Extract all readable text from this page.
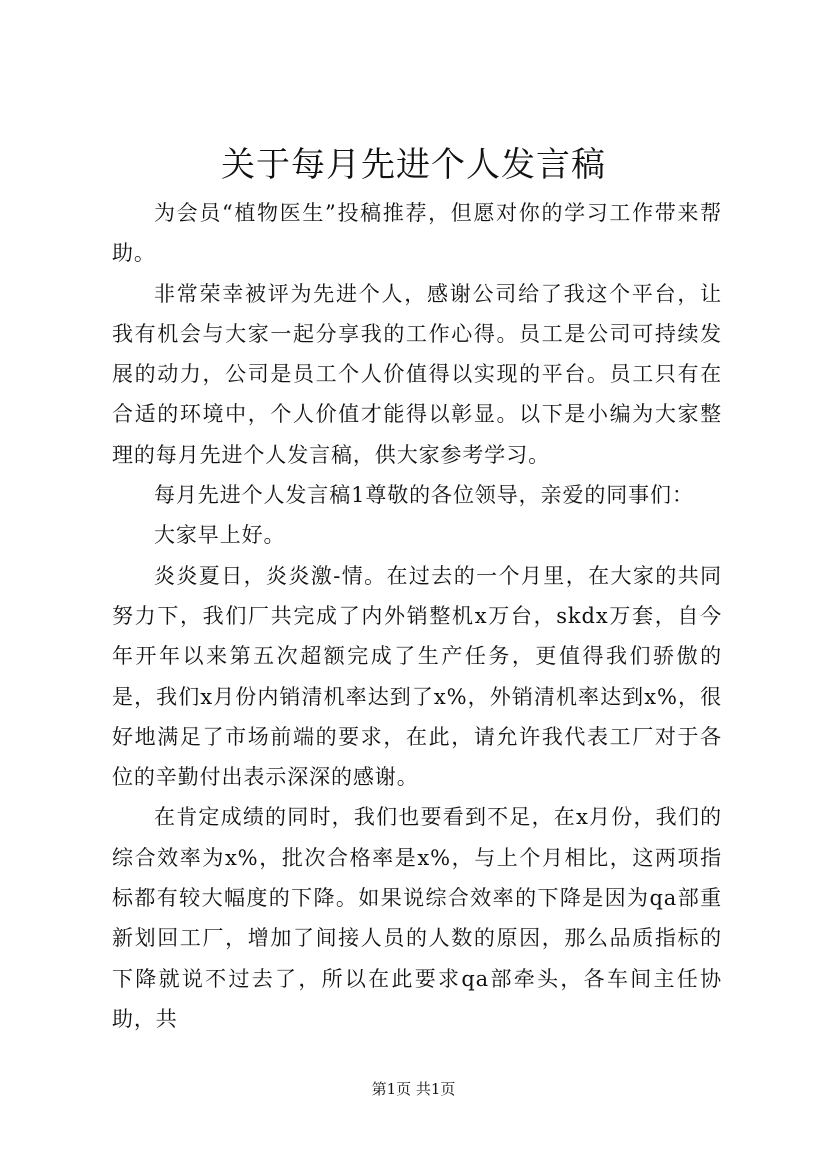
关于每月先进个人发言稿

为会员“植物医生”投稿推荐，但愿对你的学习工作带来帮助。

非常荣幸被评为先进个人，感谢公司给了我这个平台，让我有机会与大家一起分享我的工作心得。员工是公司可持续发展的动力，公司是员工个人价值得以实现的平台。员工只有在合适的环境中，个人价值才能得以彰显。以下是小编为大家整理的每月先进个人发言稿，供大家参考学习。

每月先进个人发言稿1尊敬的各位领导，亲爱的同事们：

大家早上好。

炎炎夏日，炎炎激-情。在过去的一个月里，在大家的共同努力下，我们厂共完成了内外销整机x万台，skdx万套，自今年开年以来第五次超额完成了生产任务，更值得我们骄傲的是，我们x月份内销清机率达到了x%，外销清机率达到x%，很好地满足了市场前端的要求，在此，请允许我代表工厂对于各位的辛勤付出表示深深的感谢。

在肯定成绩的同时，我们也要看到不足，在x月份，我们的综合效率为x%，批次合格率是x%，与上个月相比，这两项指标都有较大幅度的下降。如果说综合效率的下降是因为qa部重新划回工厂，增加了间接人员的人数的原因，那么品质指标的下降就说不过去了，所以在此要求qa部牵头，各车间主任协助，共

第1页 共1页
